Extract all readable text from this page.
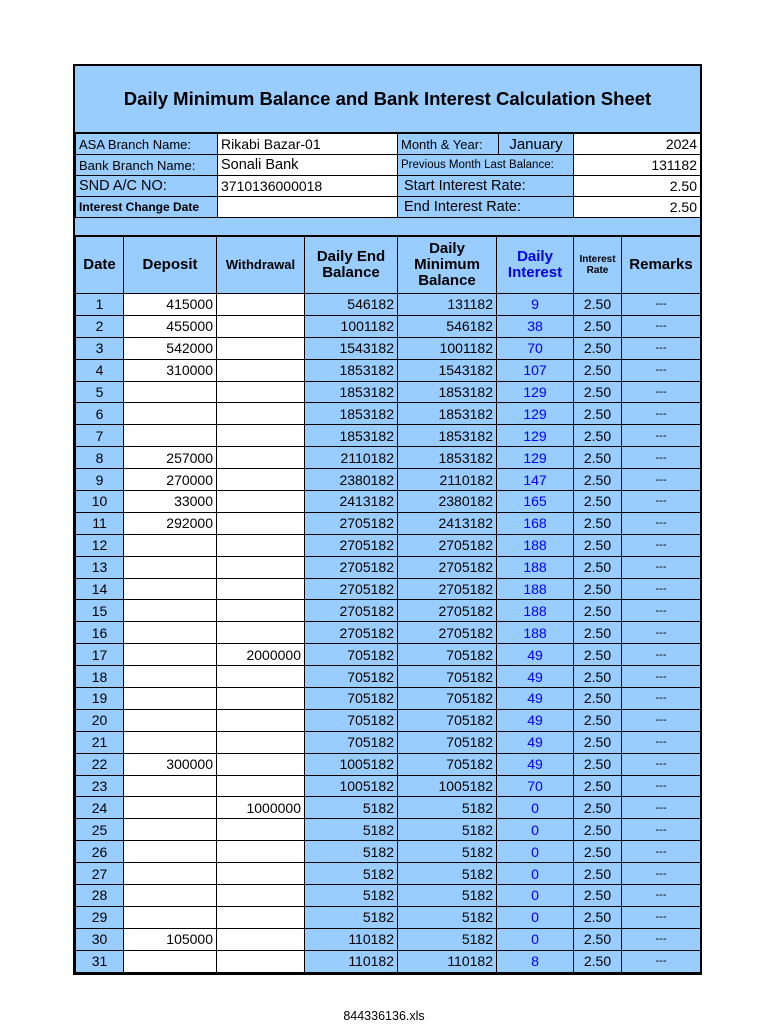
Daily Minimum Balance and Bank Interest Calculation Sheet
ASA Branch Name:	Rikabi Bazar-01	Month & Year: January	2024
Bank Branch Name:	Sonali Bank	Previous Month Last Balance:	131182
SND A/C NO:	3710136000018	Start Interest Rate:	2.50
Interest Change Date		End Interest Rate:	2.50
Date	Deposit	Withdrawal	Daily End Balance	Daily Minimum Balance	Daily Interest	Interest Rate	Remarks
1	415000		546182	131182	9	2.50	---
2	455000		1001182	546182	38	2.50	---
3	542000		1543182	1001182	70	2.50	---
4	310000		1853182	1543182	107	2.50	---
5			1853182	1853182	129	2.50	---
6			1853182	1853182	129	2.50	---
7			1853182	1853182	129	2.50	---
8	257000		2110182	1853182	129	2.50	---
9	270000		2380182	2110182	147	2.50	---
10	33000		2413182	2380182	165	2.50	---
11	292000		2705182	2413182	168	2.50	---
12			2705182	2705182	188	2.50	---
13			2705182	2705182	188	2.50	---
14			2705182	2705182	188	2.50	---
15			2705182	2705182	188	2.50	---
16			2705182	2705182	188	2.50	---
17		2000000	705182	705182	49	2.50	---
18			705182	705182	49	2.50	---
19			705182	705182	49	2.50	---
20			705182	705182	49	2.50	---
21			705182	705182	49	2.50	---
22	300000		1005182	705182	49	2.50	---
23			1005182	1005182	70	2.50	---
24		1000000	5182	5182	0	2.50	---
25			5182	5182	0	2.50	---
26			5182	5182	0	2.50	---
27			5182	5182	0	2.50	---
28			5182	5182	0	2.50	---
29			5182	5182	0	2.50	---
30	105000		110182	5182	0	2.50	---
31			110182	110182	8	2.50	---
844336136.xls
